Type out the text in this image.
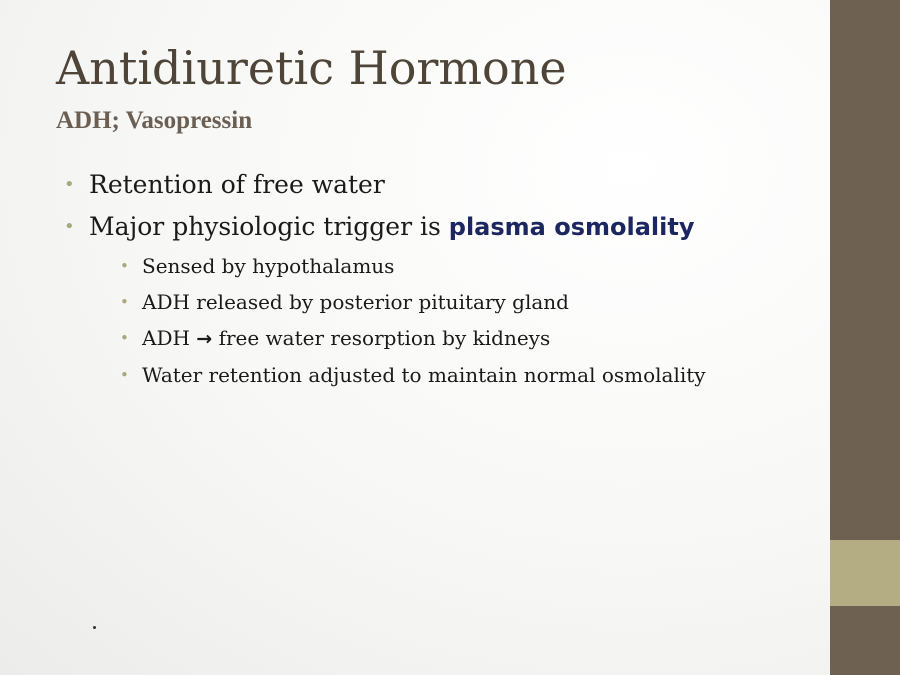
Antidiuretic Hormone
ADH; Vasopressin
• Retention of free water
• Major physiologic trigger is plasma osmolality
• Sensed by hypothalamus
• ADH released by posterior pituitary gland
• ADH → free water resorption by kidneys
• Water retention adjusted to maintain normal osmolality
